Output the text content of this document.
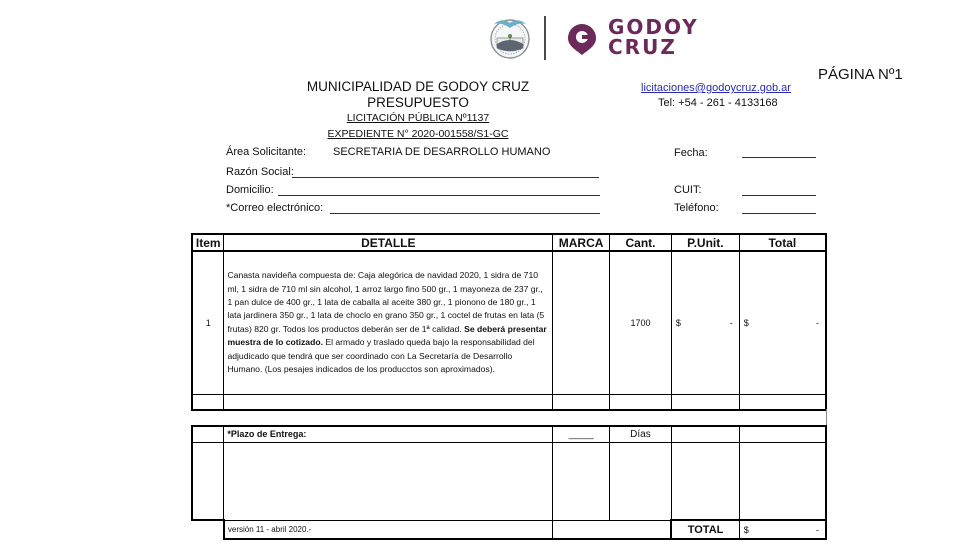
GODOY
CRUZ
PÁGINA Nº1
MUNICIPALIDAD DE GODOY CRUZ
PRESUPUESTO
LICITACIÓN PÚBLICA Nº1137
EXPEDIENTE N° 2020-001558/S1-GC
licitaciones@godoycruz.gob.ar
Tel: +54 - 261 - 4133168
Área Solicitante: SECRETARIA DE DESARROLLO HUMANO
Razón Social:
Domicilio:
*Correo electrónico:
Fecha:
CUIT:
Teléfono:
Item	DETALLE	MARCA	Cant.	P.Unit.	Total
1	Canasta navideña compuesta de: Caja alegórica de navidad 2020, 1 sidra de 710 ml, 1 sidra de 710 ml sin alcohol, 1 arroz largo fino 500 gr., 1 mayoneza de 237 gr., 1 pan dulce de 400 gr., 1 lata de caballa al aceite 380 gr., 1 piononо de 180 gr., 1 lata jardinera 350 gr., 1 lata de choclo en grano 350 gr., 1 coctel de frutas en lata (5 frutas) 820 gr. Todos los productos deberán ser de 1ª calidad. Se deberá presentar muestra de lo cotizado. El armado y traslado queda bajo la responsabilidad del adjudicado que tendrá que ser coordinado con La Secretaría de Desarrollo Humano. (Los pesajes indicados de los producctos son aproximados).		1700	$ -	$ -

	*Plazo de Entrega:	_____	Días		

	versión 11 - abril 2020.-			TOTAL	$ -
